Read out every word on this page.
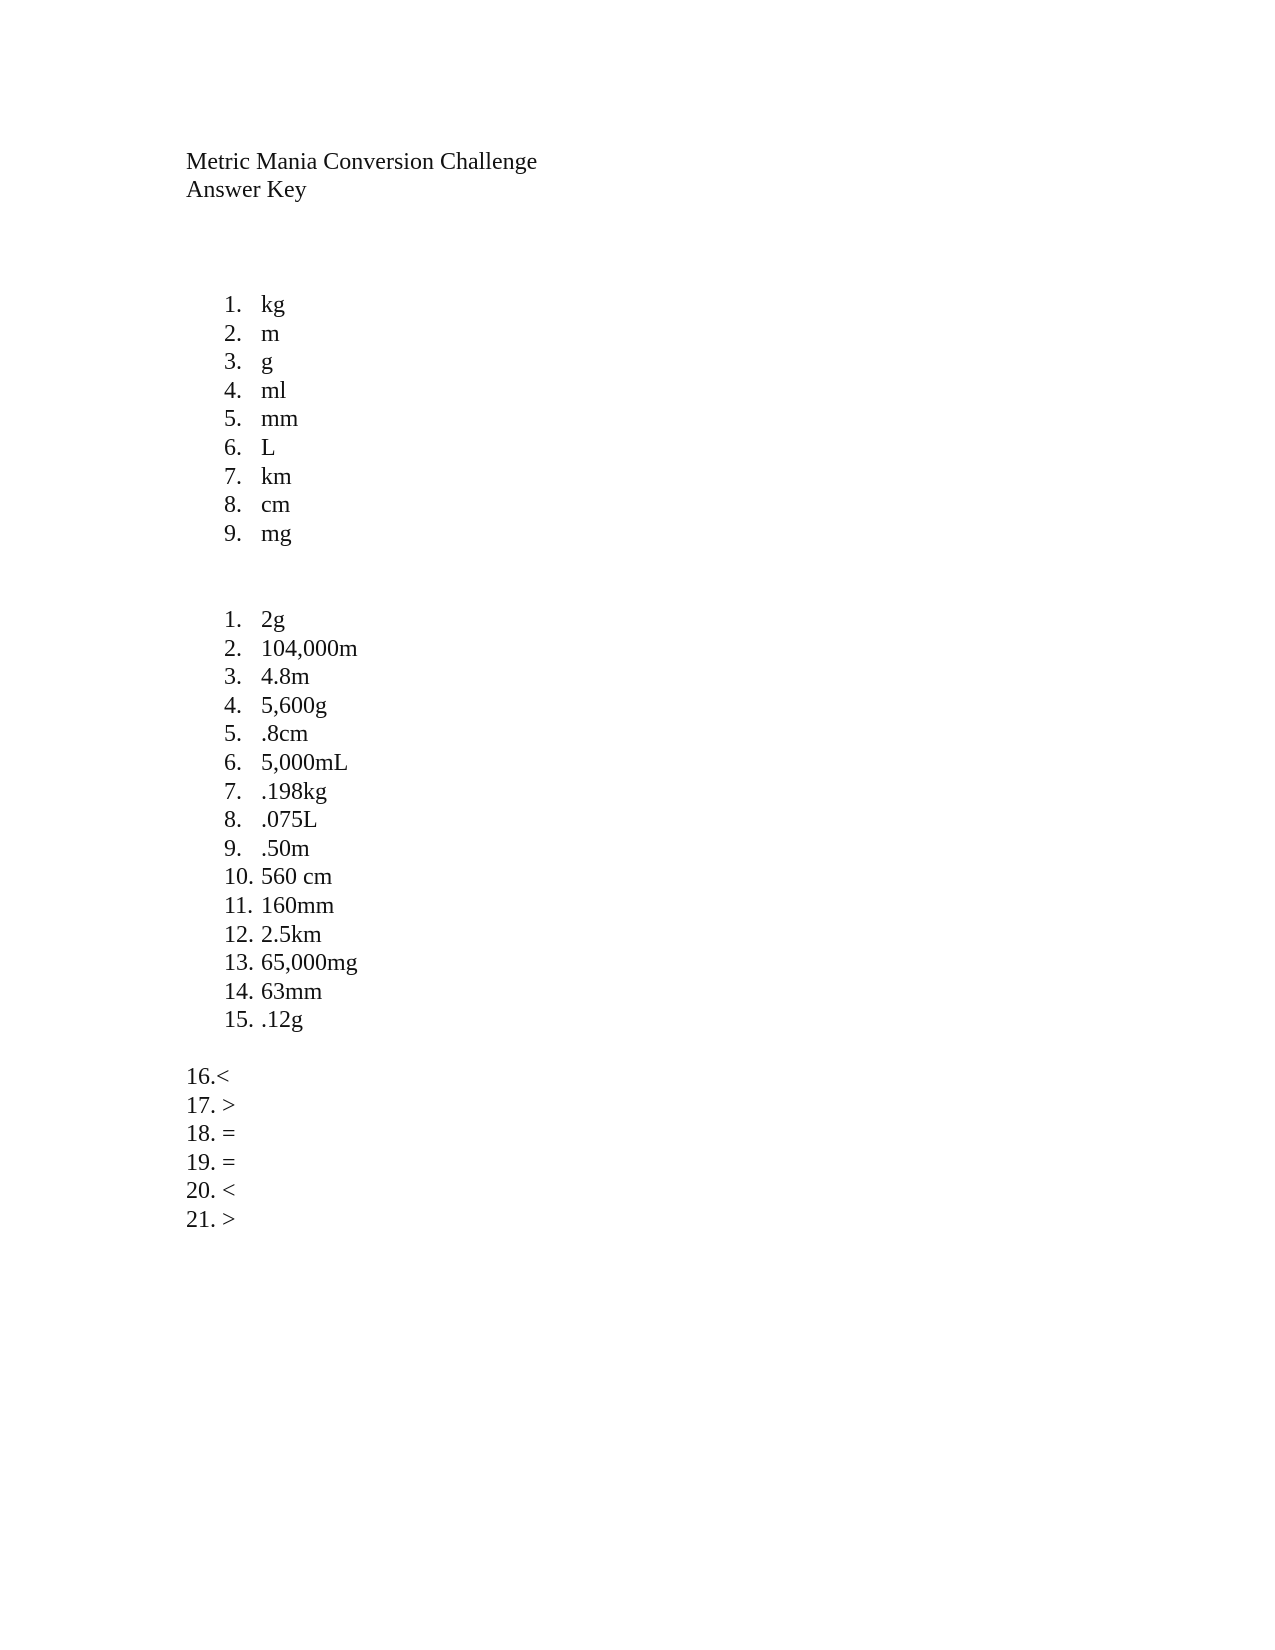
Metric Mania Conversion Challenge
Answer Key
1. kg
2. m
3. g
4. ml
5. mm
6. L
7. km
8. cm
9. mg
1. 2g
2. 104,000m
3. 4.8m
4. 5,600g
5. .8cm
6. 5,000mL
7. .198kg
8. .075L
9. .50m
10. 560 cm
11. 160mm
12. 2.5km
13. 65,000mg
14. 63mm
15. .12g
16.<
17. >
18. =
19. =
20. <
21. >
